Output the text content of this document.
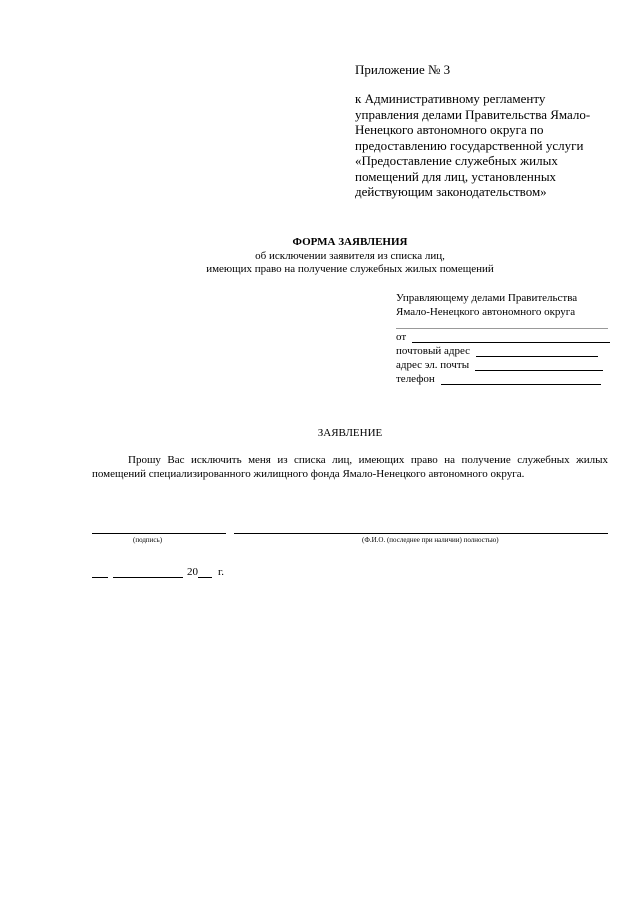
Приложение № 3
к Административному регламенту
управления делами Правительства Ямало-
Ненецкого автономного округа по
предоставлению государственной услуги
«Предоставление служебных жилых
помещений для лиц, установленных
действующим законодательством»
ФОРМА ЗАЯВЛЕНИЯ
об исключении заявителя из списка лиц,
имеющих право на получение служебных жилых помещений
Управляющему делами Правительства
Ямало-Ненецкого автономного округа
от
почтовый адрес
адрес эл. почты
телефон
ЗАЯВЛЕНИЕ
Прошу Вас исключить меня из списка лиц, имеющих право на получение служебных жилых помещений специализированного жилищного фонда Ямало-Ненецкого автономного округа.
(подпись)	(Ф.И.О. (последнее при наличии) полностью)
20 г.
